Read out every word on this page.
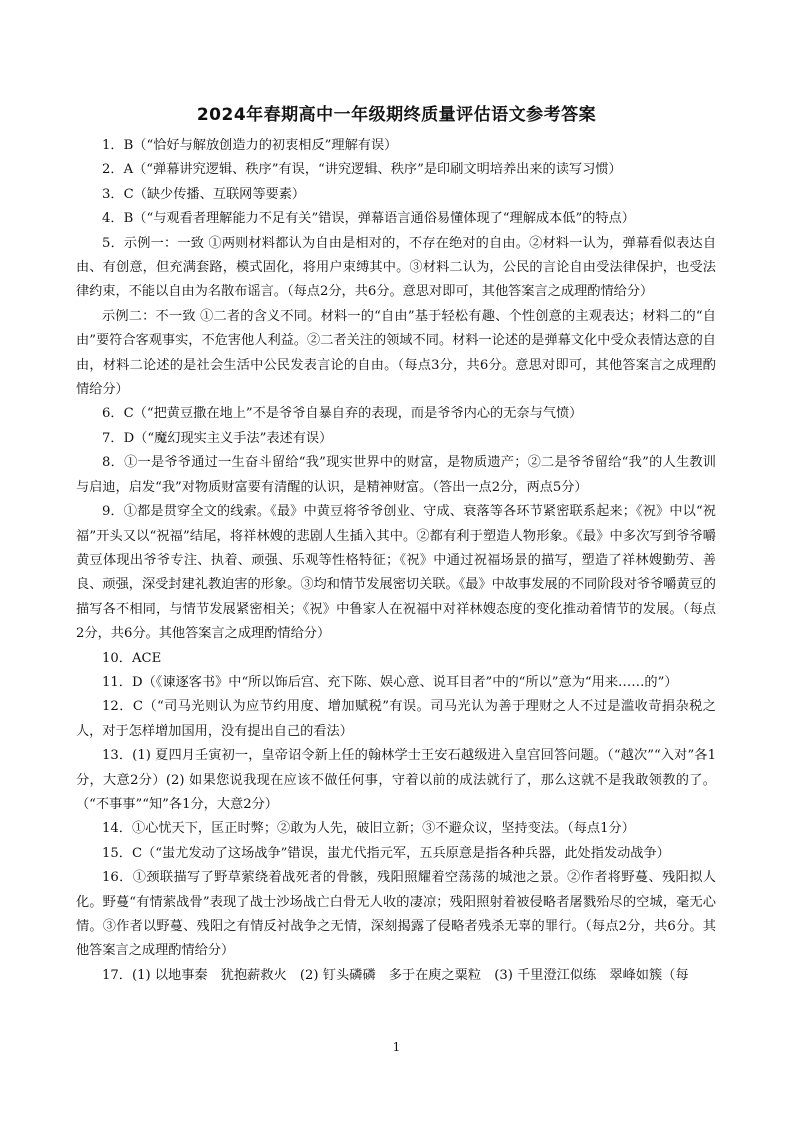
2024年春期高中一年级期终质量评估语文参考答案

1．B（“恰好与解放创造力的初衷相反”理解有误）

2．A（“弹幕讲究逻辑、秩序”有误，“讲究逻辑、秩序”是印刷文明培养出来的读写习惯）

3．C（缺少传播、互联网等要素）

4．B（“与观看者理解能力不足有关”错误，弹幕语言通俗易懂体现了“理解成本低”的特点）

5．示例一：一致 ①两则材料都认为自由是相对的，不存在绝对的自由。②材料一认为，弹幕看似表达自由、有创意，但充满套路，模式固化，将用户束缚其中。③材料二认为，公民的言论自由受法律保护，也受法律约束，不能以自由为名散布谣言。（每点2分，共6分。意思对即可，其他答案言之成理酌情给分）

示例二：不一致 ①二者的含义不同。材料一的“自由”基于轻松有趣、个性创意的主观表达；材料二的“自由”要符合客观事实，不危害他人利益。②二者关注的领域不同。材料一论述的是弹幕文化中受众表情达意的自由，材料二论述的是社会生活中公民发表言论的自由。（每点3分，共6分。意思对即可，其他答案言之成理酌情给分）

6．C（“把黄豆撒在地上”不是爷爷自暴自弃的表现，而是爷爷内心的无奈与气愤）

7．D（“魔幻现实主义手法”表述有误）

8．①一是爷爷通过一生奋斗留给“我”现实世界中的财富，是物质遗产；②二是爷爷留给“我”的人生教训与启迪，启发“我”对物质财富要有清醒的认识，是精神财富。（答出一点2分，两点5分）

9．①都是贯穿全文的线索。《最》中黄豆将爷爷创业、守成、衰落等各环节紧密联系起来；《祝》中以“祝福”开头又以“祝福”结尾，将祥林嫂的悲剧人生插入其中。②都有利于塑造人物形象。《最》中多次写到爷爷嚼黄豆体现出爷爷专注、执着、顽强、乐观等性格特征；《祝》中通过祝福场景的描写，塑造了祥林嫂勤劳、善良、顽强，深受封建礼教迫害的形象。③均和情节发展密切关联。《最》中故事发展的不同阶段对爷爷嚼黄豆的描写各不相同，与情节发展紧密相关；《祝》中鲁家人在祝福中对祥林嫂态度的变化推动着情节的发展。（每点2分，共6分。其他答案言之成理酌情给分）

10．ACE

11．D（《谏逐客书》中“所以饰后宫、充下陈、娱心意、说耳目者”中的“所以”意为“用来……的”）

12．C（“司马光则认为应节约用度、增加赋税”有误。司马光认为善于理财之人不过是滥收苛捐杂税之人，对于怎样增加国用，没有提出自己的看法）

13．(1) 夏四月壬寅初一，皇帝诏令新上任的翰林学士王安石越级进入皇宫回答问题。（“越次”“入对”各1分，大意2分）(2) 如果您说我现在应该不做任何事，守着以前的成法就行了，那么这就不是我敢领教的了。（“不事事”“知”各1分，大意2分）

14．①心忧天下，匡正时弊；②敢为人先，破旧立新；③不避众议，坚持变法。（每点1分）

15．C（“蚩尤发动了这场战争”错误，蚩尤代指元军，五兵原意是指各种兵器，此处指发动战争）

16．①颈联描写了野草萦绕着战死者的骨骸，残阳照耀着空荡荡的城池之景。②作者将野蔓、残阳拟人化。野蔓“有情萦战骨”表现了战士沙场战亡白骨无人收的凄凉；残阳照射着被侵略者屠戮殆尽的空城，毫无心情。③作者以野蔓、残阳之有情反衬战争之无情，深刻揭露了侵略者残杀无辜的罪行。（每点2分，共6分。其他答案言之成理酌情给分）

17．(1) 以地事秦　犹抱薪救火　(2) 钉头磷磷　多于在庾之粟粒　(3) 千里澄江似练　翠峰如簇（每

1
